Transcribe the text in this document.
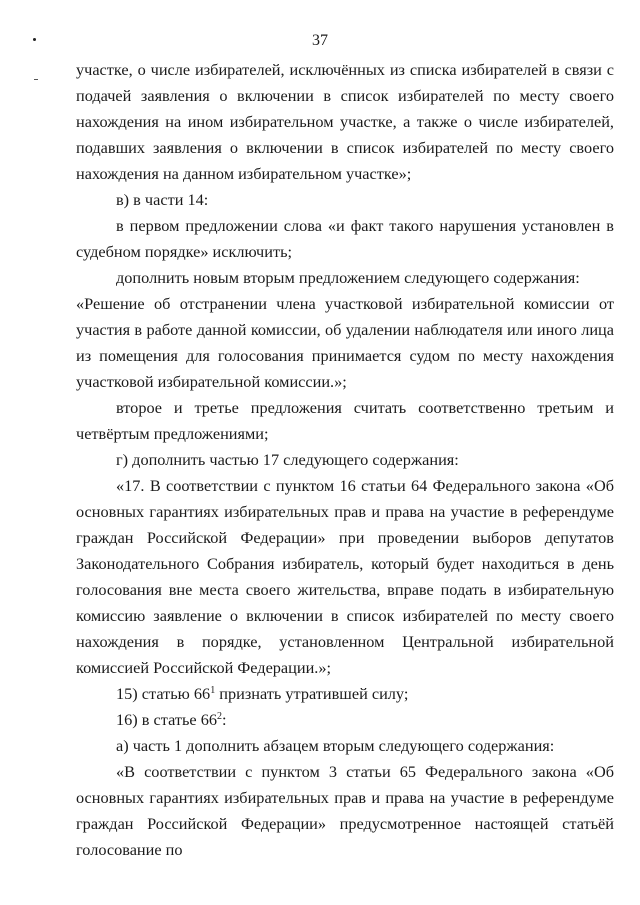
37

участке, о числе избирателей, исключённых из списка избирателей в связи с подачей заявления о включении в список избирателей по месту своего нахождения на ином избирательном участке, а также о числе избирателей, подавших заявления о включении в список избирателей по месту своего нахождения на данном избирательном участке»;

в) в части 14:

в первом предложении слова «и факт такого нарушения установлен в судебном порядке» исключить;

дополнить новым вторым предложением следующего содержания:

«Решение об отстранении члена участковой избирательной комиссии от участия в работе данной комиссии, об удалении наблюдателя или иного лица из помещения для голосования принимается судом по месту нахождения участковой избирательной комиссии.»;

второе и третье предложения считать соответственно третьим и четвёртым предложениями;

г) дополнить частью 17 следующего содержания:

«17. В соответствии с пунктом 16 статьи 64 Федерального закона «Об основных гарантиях избирательных прав и права на участие в референдуме граждан Российской Федерации» при проведении выборов депутатов Законодательного Собрания избиратель, который будет находиться в день голосования вне места своего жительства, вправе подать в избирательную комиссию заявление о включении в список избирателей по месту своего нахождения в порядке, установленном Центральной избирательной комиссией Российской Федерации.»;

15) статью $66^1$ признать утратившей силу;

16) в статье $66^2$:

а) часть 1 дополнить абзацем вторым следующего содержания:

«В соответствии с пунктом 3 статьи 65 Федерального закона «Об основных гарантиях избирательных прав и права на участие в референдуме граждан Российской Федерации» предусмотренное настоящей статьёй голосование по
